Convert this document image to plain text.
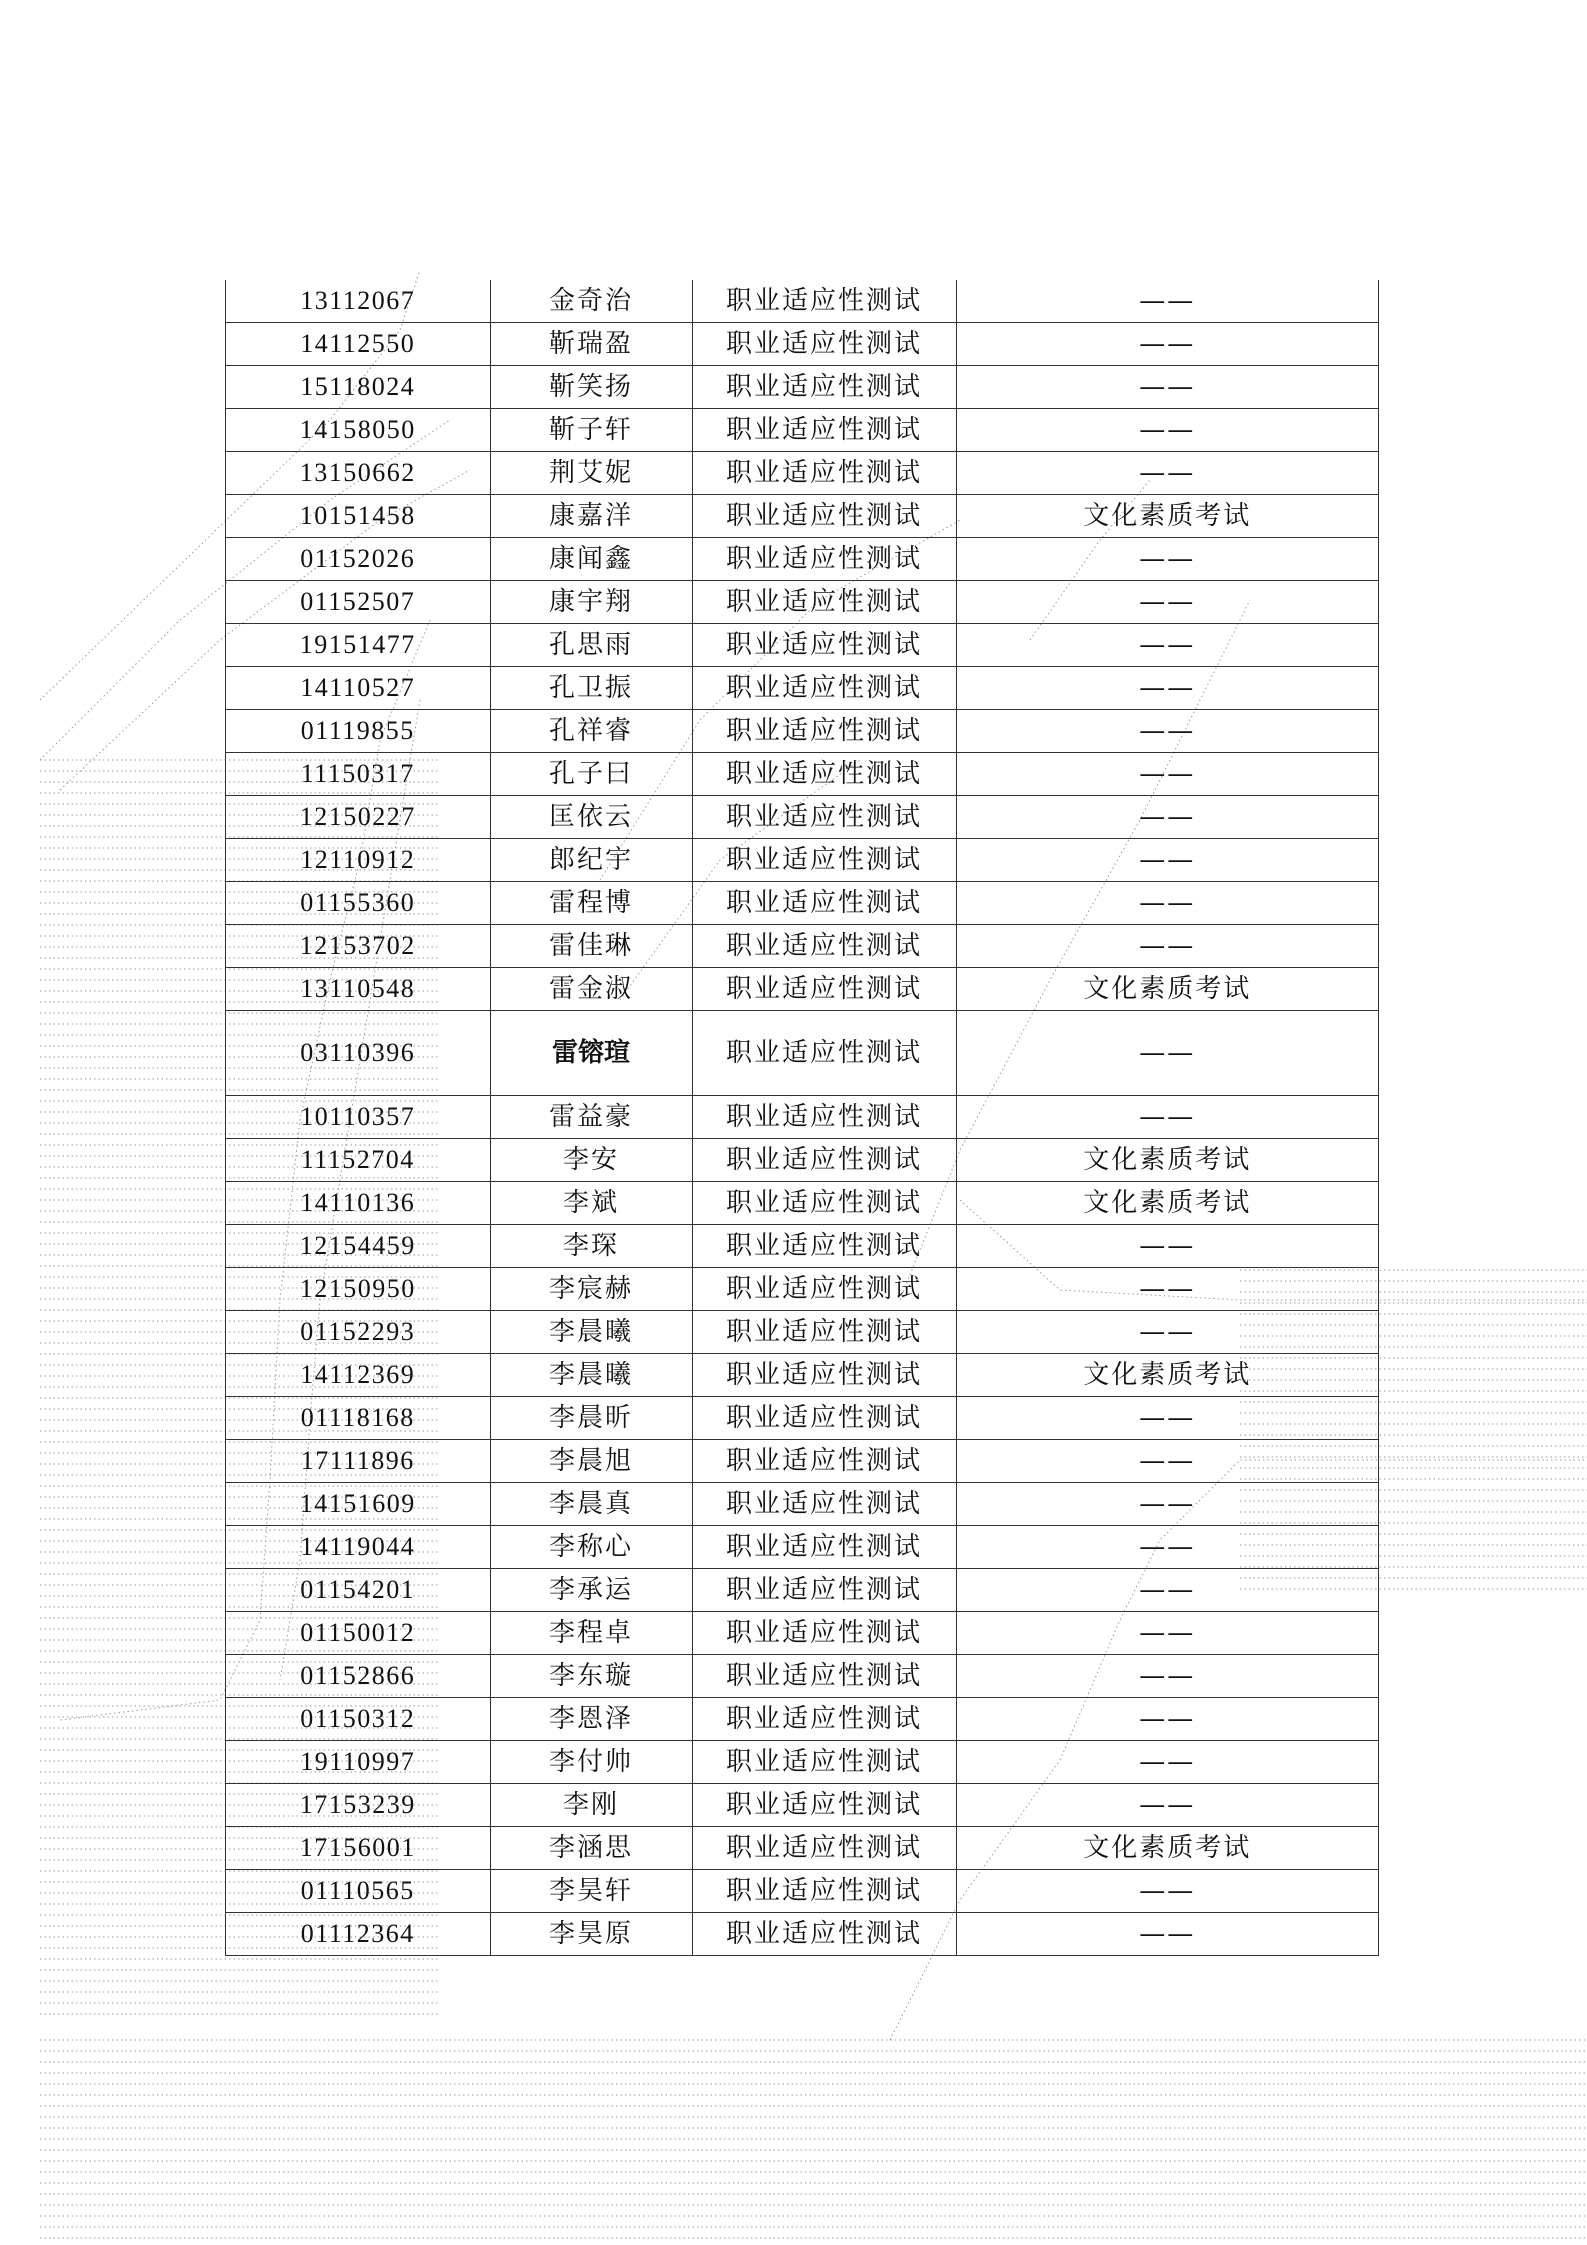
13112067	金奇治	职业适应性测试	——
14112550	靳瑞盈	职业适应性测试	——
15118024	靳笑扬	职业适应性测试	——
14158050	靳子轩	职业适应性测试	——
13150662	荆艾妮	职业适应性测试	——
10151458	康嘉洋	职业适应性测试	文化素质考试
01152026	康闻鑫	职业适应性测试	——
01152507	康宇翔	职业适应性测试	——
19151477	孔思雨	职业适应性测试	——
14110527	孔卫振	职业适应性测试	——
01119855	孔祥睿	职业适应性测试	——
11150317	孔子曰	职业适应性测试	——
12150227	匡依云	职业适应性测试	——
12110912	郎纪宇	职业适应性测试	——
01155360	雷程博	职业适应性测试	——
12153702	雷佳琳	职业适应性测试	——
13110548	雷金淑	职业适应性测试	文化素质考试
03110396	雷镕瑄	职业适应性测试	——
10110357	雷益豪	职业适应性测试	——
11152704	李安	职业适应性测试	文化素质考试
14110136	李斌	职业适应性测试	文化素质考试
12154459	李琛	职业适应性测试	——
12150950	李宸赫	职业适应性测试	——
01152293	李晨曦	职业适应性测试	——
14112369	李晨曦	职业适应性测试	文化素质考试
01118168	李晨昕	职业适应性测试	——
17111896	李晨旭	职业适应性测试	——
14151609	李晨真	职业适应性测试	——
14119044	李称心	职业适应性测试	——
01154201	李承运	职业适应性测试	——
01150012	李程卓	职业适应性测试	——
01152866	李东璇	职业适应性测试	——
01150312	李恩泽	职业适应性测试	——
19110997	李付帅	职业适应性测试	——
17153239	李刚	职业适应性测试	——
17156001	李涵思	职业适应性测试	文化素质考试
01110565	李昊轩	职业适应性测试	——
01112364	李昊原	职业适应性测试	——
